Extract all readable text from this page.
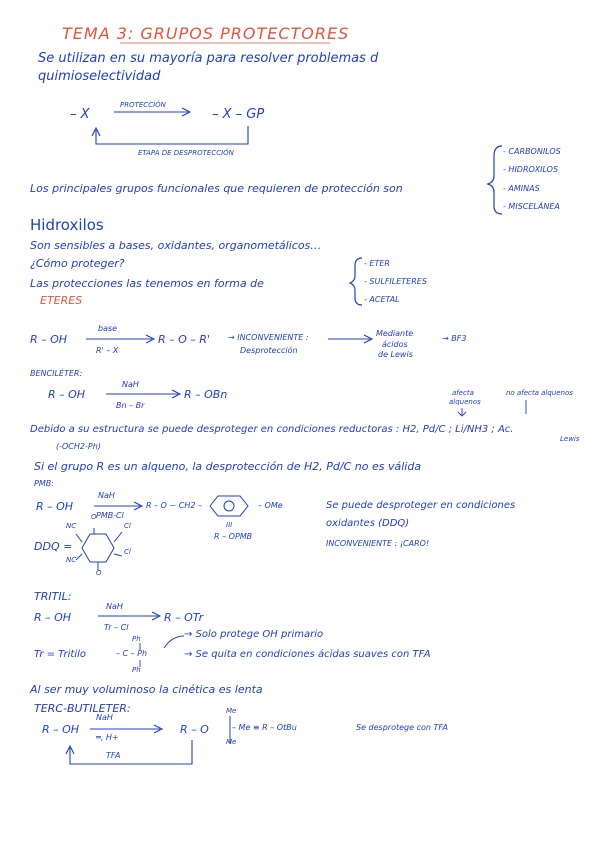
TEMA 3: GRUPOS PROTECTORES
Se utilizan en su mayoría para resolver problemas d
quimioselectividad
– X
PROTECCIÓN
– X – GP
ETAPA DE DESPROTECCIÓN
Los principales grupos funcionales que requieren de protección son
- CARBONILOS
- HIDROXILOS
- AMINAS
- MISCELÁNEA
Hidroxilos
Son sensibles a bases, oxidantes, organometálicos…
¿Cómo proteger?
Las protecciones las tenemos en forma de
ETERES
- ETER
- SULFILETERES
- ACETAL
R – OH
base
R' – X
R – O – R' → INCONVENIENTE :
Desprotección
Mediante
ácidos
de Lewis
→ BF3
BENCILÉTER:
R – OH
NaH
Bn – Br
R – OBn	afecta
alquenos
no afecta alquenos
Debido a su estructura se puede desproteger en condiciones reductoras : H2, Pd/C ; Li/NH3 ; Ac.
Lewis
(-OCH2-Ph)
Si el grupo R es un alqueno, la desprotección de H2, Pd/C no es válida
PMB:
R – OH
NaH
PMB-Cl
R – O ~ CH2 –	– OMe
III
R – OPMB
Se puede desproteger en condiciones
oxidantes (DDQ)
INCONVENIENTE : ¡CARO!
DDQ =
NC
NC
Cl
Cl
O
O
TRITIL:
R – OH
NaH
Tr – Cl
R – OTr
Tr = Tritilo
Ph
– C – Ph
Ph
→ Solo protege OH primario
→ Se quita en condiciones ácidas suaves con TFA
Al ser muy voluminoso la cinética es lenta
TERC-BUTILETER:
R – OH
NaH
═, H+
R – O
Me
– Me ≡ R – OtBu
Me
Se desprotege con TFA
TFA
